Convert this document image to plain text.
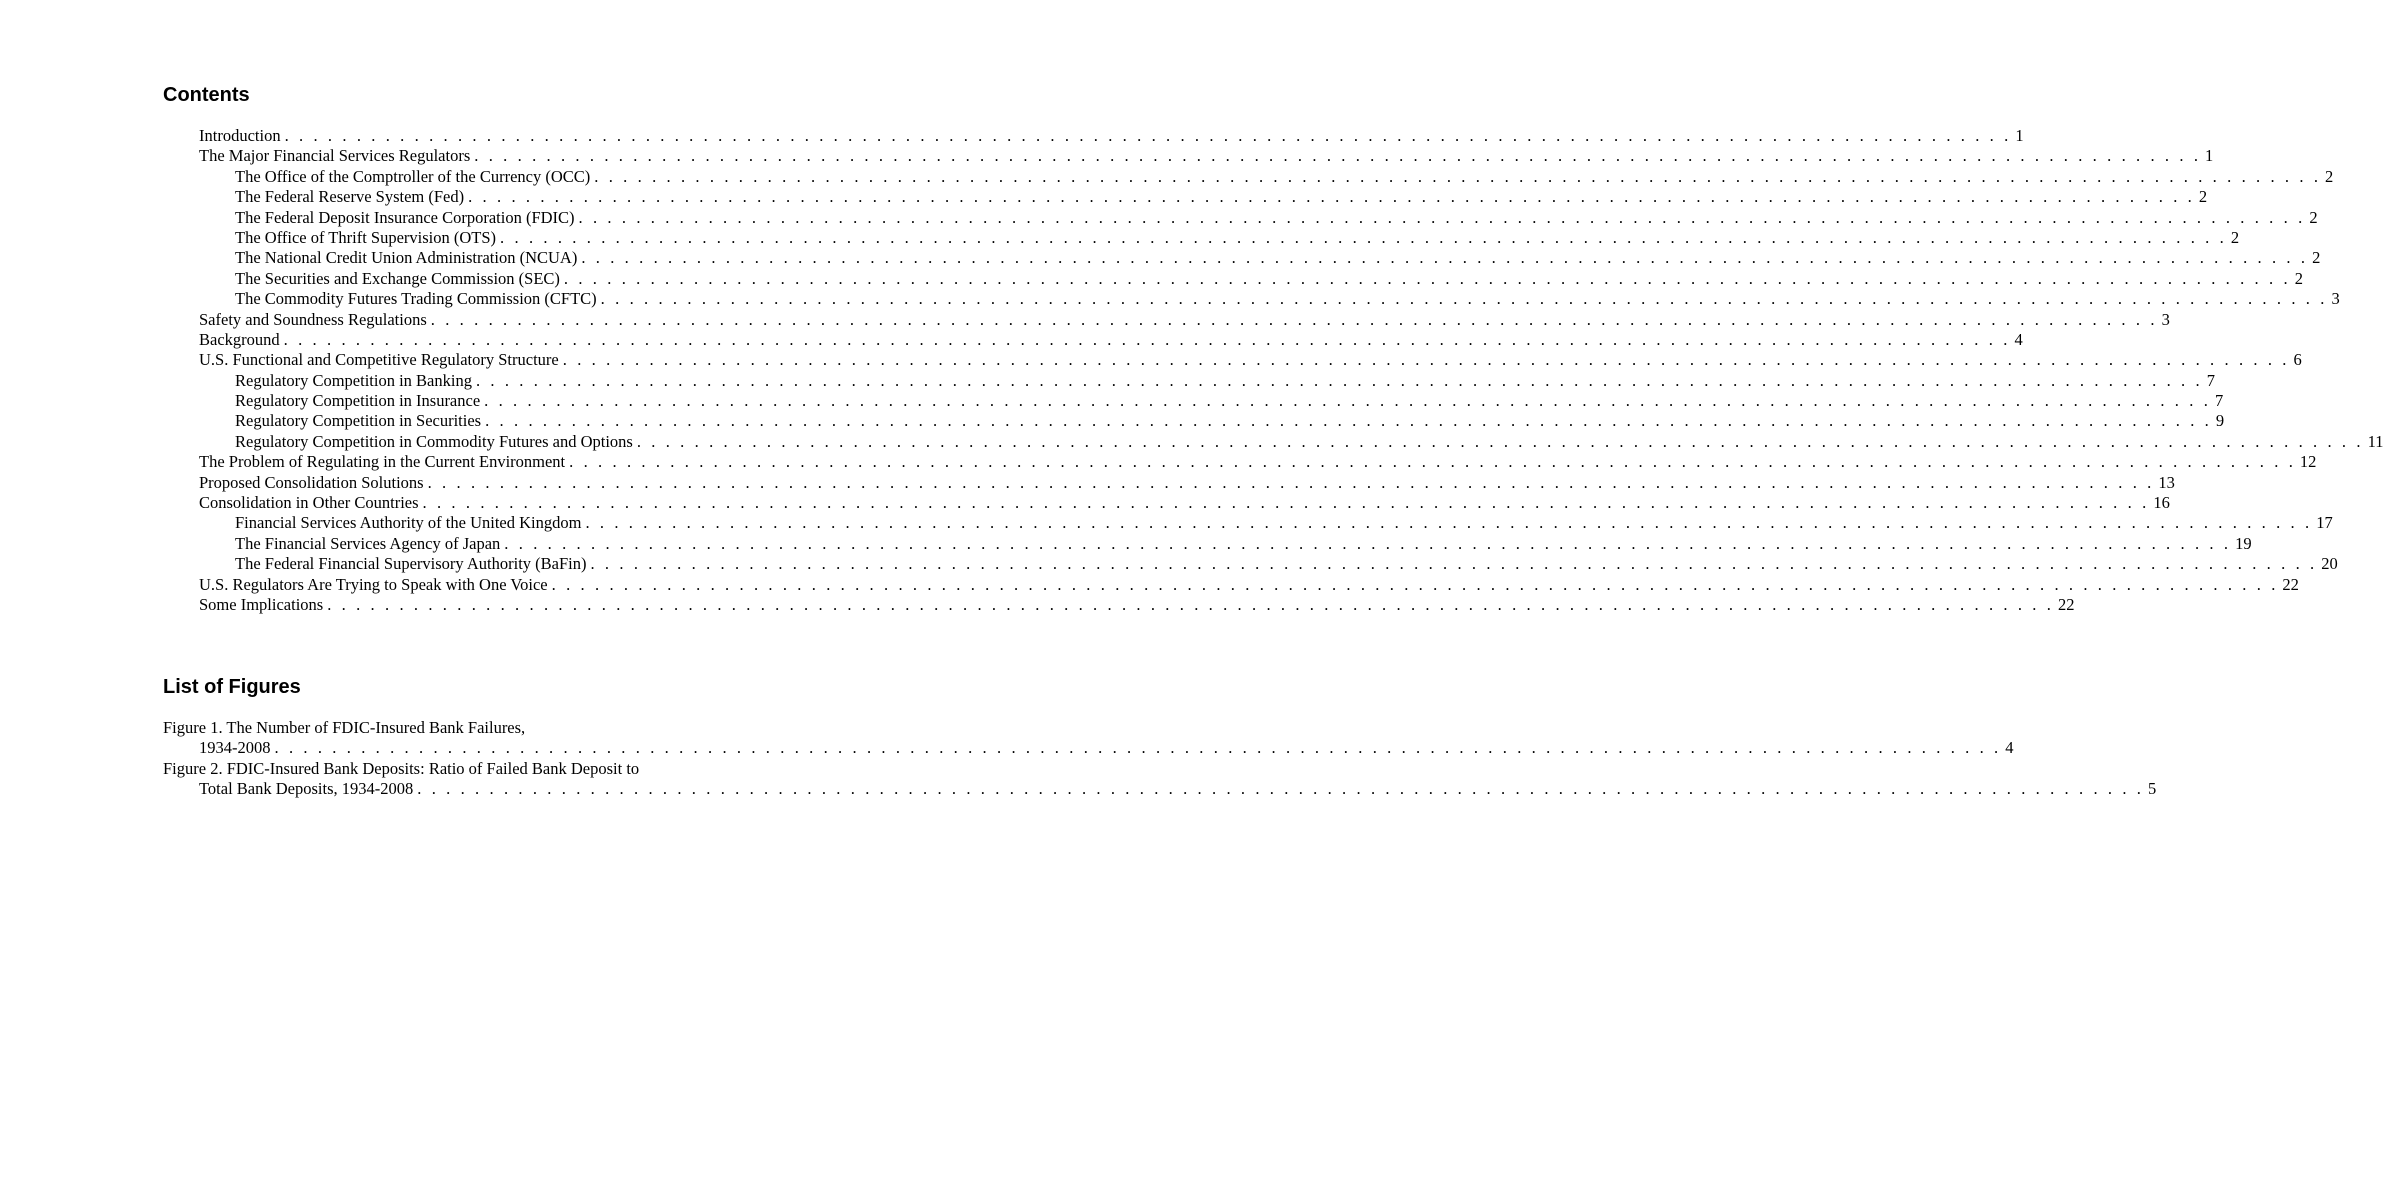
Contents
Introduction . . . . . . . . . . . . . . . . . . . . . . . . . . . . . . . . . . . . . . . . . . . . . . . . . . . . . . . . . . . . . . . . . . . . . . . . . . . . . . . . . . . . . . . . . . . . . . . . . . . . . . . . . . . . . . . . . . . . . . . . 1
The Major Financial Services Regulators . . . . . . . . . . . . . . . . . . . . . . . . . . . . . . . . . . . . . . . . . . . . . . . . . . . . . . . . . . . . . . . . . . . . . . . . . . . . . . . . . . . . . . . . . . . . . . . . . . . . . . . . . . . . . . . . . . . . . . . . 1
The Office of the Comptroller of the Currency (OCC) . . . . . . . . . . . . . . . . . . . . . . . . . . . . . . . . . . . . . . . . . . . . . . . . . . . . . . . . . . . . . . . . . . . . . . . . . . . . . . . . . . . . . . . . . . . . . . . . . . . . . . . . . . . . . . . . . . . . . . . . 2
The Federal Reserve System (Fed) . . . . . . . . . . . . . . . . . . . . . . . . . . . . . . . . . . . . . . . . . . . . . . . . . . . . . . . . . . . . . . . . . . . . . . . . . . . . . . . . . . . . . . . . . . . . . . . . . . . . . . . . . . . . . . . . . . . . . . . . 2
The Federal Deposit Insurance Corporation (FDIC) . . . . . . . . . . . . . . . . . . . . . . . . . . . . . . . . . . . . . . . . . . . . . . . . . . . . . . . . . . . . . . . . . . . . . . . . . . . . . . . . . . . . . . . . . . . . . . . . . . . . . . . . . . . . . . . . . . . . . . . . 2
The Office of Thrift Supervision (OTS) . . . . . . . . . . . . . . . . . . . . . . . . . . . . . . . . . . . . . . . . . . . . . . . . . . . . . . . . . . . . . . . . . . . . . . . . . . . . . . . . . . . . . . . . . . . . . . . . . . . . . . . . . . . . . . . . . . . . . . . . 2
The National Credit Union Administration (NCUA) . . . . . . . . . . . . . . . . . . . . . . . . . . . . . . . . . . . . . . . . . . . . . . . . . . . . . . . . . . . . . . . . . . . . . . . . . . . . . . . . . . . . . . . . . . . . . . . . . . . . . . . . . . . . . . . . . . . . . . . . 2
The Securities and Exchange Commission (SEC) . . . . . . . . . . . . . . . . . . . . . . . . . . . . . . . . . . . . . . . . . . . . . . . . . . . . . . . . . . . . . . . . . . . . . . . . . . . . . . . . . . . . . . . . . . . . . . . . . . . . . . . . . . . . . . . . . . . . . . . . 2
The Commodity Futures Trading Commission (CFTC) . . . . . . . . . . . . . . . . . . . . . . . . . . . . . . . . . . . . . . . . . . . . . . . . . . . . . . . . . . . . . . . . . . . . . . . . . . . . . . . . . . . . . . . . . . . . . . . . . . . . . . . . . . . . . . . . . . . . . . . . 3
Safety and Soundness Regulations . . . . . . . . . . . . . . . . . . . . . . . . . . . . . . . . . . . . . . . . . . . . . . . . . . . . . . . . . . . . . . . . . . . . . . . . . . . . . . . . . . . . . . . . . . . . . . . . . . . . . . . . . . . . . . . . . . . . . . . . 3
Background . . . . . . . . . . . . . . . . . . . . . . . . . . . . . . . . . . . . . . . . . . . . . . . . . . . . . . . . . . . . . . . . . . . . . . . . . . . . . . . . . . . . . . . . . . . . . . . . . . . . . . . . . . . . . . . . . . . . . . . . 4
U.S. Functional and Competitive Regulatory Structure . . . . . . . . . . . . . . . . . . . . . . . . . . . . . . . . . . . . . . . . . . . . . . . . . . . . . . . . . . . . . . . . . . . . . . . . . . . . . . . . . . . . . . . . . . . . . . . . . . . . . . . . . . . . . . . . . . . . . . . . 6
Regulatory Competition in Banking . . . . . . . . . . . . . . . . . . . . . . . . . . . . . . . . . . . . . . . . . . . . . . . . . . . . . . . . . . . . . . . . . . . . . . . . . . . . . . . . . . . . . . . . . . . . . . . . . . . . . . . . . . . . . . . . . . . . . . . . 7
Regulatory Competition in Insurance . . . . . . . . . . . . . . . . . . . . . . . . . . . . . . . . . . . . . . . . . . . . . . . . . . . . . . . . . . . . . . . . . . . . . . . . . . . . . . . . . . . . . . . . . . . . . . . . . . . . . . . . . . . . . . . . . . . . . . . . 7
Regulatory Competition in Securities . . . . . . . . . . . . . . . . . . . . . . . . . . . . . . . . . . . . . . . . . . . . . . . . . . . . . . . . . . . . . . . . . . . . . . . . . . . . . . . . . . . . . . . . . . . . . . . . . . . . . . . . . . . . . . . . . . . . . . . . 9
Regulatory Competition in Commodity Futures and Options . . . . . . . . . . . . . . . . . . . . . . . . . . . . . . . . . . . . . . . . . . . . . . . . . . . . . . . . . . . . . . . . . . . . . . . . . . . . . . . . . . . . . . . . . . . . . . . . . . . . . . . . . . . . . . . . . . . . . . . . 11
The Problem of Regulating in the Current Environment . . . . . . . . . . . . . . . . . . . . . . . . . . . . . . . . . . . . . . . . . . . . . . . . . . . . . . . . . . . . . . . . . . . . . . . . . . . . . . . . . . . . . . . . . . . . . . . . . . . . . . . . . . . . . . . . . . . . . . . . 12
Proposed Consolidation Solutions . . . . . . . . . . . . . . . . . . . . . . . . . . . . . . . . . . . . . . . . . . . . . . . . . . . . . . . . . . . . . . . . . . . . . . . . . . . . . . . . . . . . . . . . . . . . . . . . . . . . . . . . . . . . . . . . . . . . . . . . 13
Consolidation in Other Countries . . . . . . . . . . . . . . . . . . . . . . . . . . . . . . . . . . . . . . . . . . . . . . . . . . . . . . . . . . . . . . . . . . . . . . . . . . . . . . . . . . . . . . . . . . . . . . . . . . . . . . . . . . . . . . . . . . . . . . . . 16
Financial Services Authority of the United Kingdom . . . . . . . . . . . . . . . . . . . . . . . . . . . . . . . . . . . . . . . . . . . . . . . . . . . . . . . . . . . . . . . . . . . . . . . . . . . . . . . . . . . . . . . . . . . . . . . . . . . . . . . . . . . . . . . . . . . . . . . . 17
The Financial Services Agency of Japan . . . . . . . . . . . . . . . . . . . . . . . . . . . . . . . . . . . . . . . . . . . . . . . . . . . . . . . . . . . . . . . . . . . . . . . . . . . . . . . . . . . . . . . . . . . . . . . . . . . . . . . . . . . . . . . . . . . . . . . . 19
The Federal Financial Supervisory Authority (BaFin) . . . . . . . . . . . . . . . . . . . . . . . . . . . . . . . . . . . . . . . . . . . . . . . . . . . . . . . . . . . . . . . . . . . . . . . . . . . . . . . . . . . . . . . . . . . . . . . . . . . . . . . . . . . . . . . . . . . . . . . . 20
U.S. Regulators Are Trying to Speak with One Voice . . . . . . . . . . . . . . . . . . . . . . . . . . . . . . . . . . . . . . . . . . . . . . . . . . . . . . . . . . . . . . . . . . . . . . . . . . . . . . . . . . . . . . . . . . . . . . . . . . . . . . . . . . . . . . . . . . . . . . . . 22
Some Implications . . . . . . . . . . . . . . . . . . . . . . . . . . . . . . . . . . . . . . . . . . . . . . . . . . . . . . . . . . . . . . . . . . . . . . . . . . . . . . . . . . . . . . . . . . . . . . . . . . . . . . . . . . . . . . . . . . . . . . . . 22
List of Figures
Figure 1. The Number of FDIC-Insured Bank Failures,
1934-2008 . . . . . . . . . . . . . . . . . . . . . . . . . . . . . . . . . . . . . . . . . . . . . . . . . . . . . . . . . . . . . . . . . . . . . . . . . . . . . . . . . . . . . . . . . . . . . . . . . . . . . . . . . . . . . . . . . . . . . . . . 4
Figure 2. FDIC-Insured Bank Deposits: Ratio of Failed Bank Deposit to
Total Bank Deposits, 1934-2008 . . . . . . . . . . . . . . . . . . . . . . . . . . . . . . . . . . . . . . . . . . . . . . . . . . . . . . . . . . . . . . . . . . . . . . . . . . . . . . . . . . . . . . . . . . . . . . . . . . . . . . . . . . . . . . . . . . . . . . . . 5
